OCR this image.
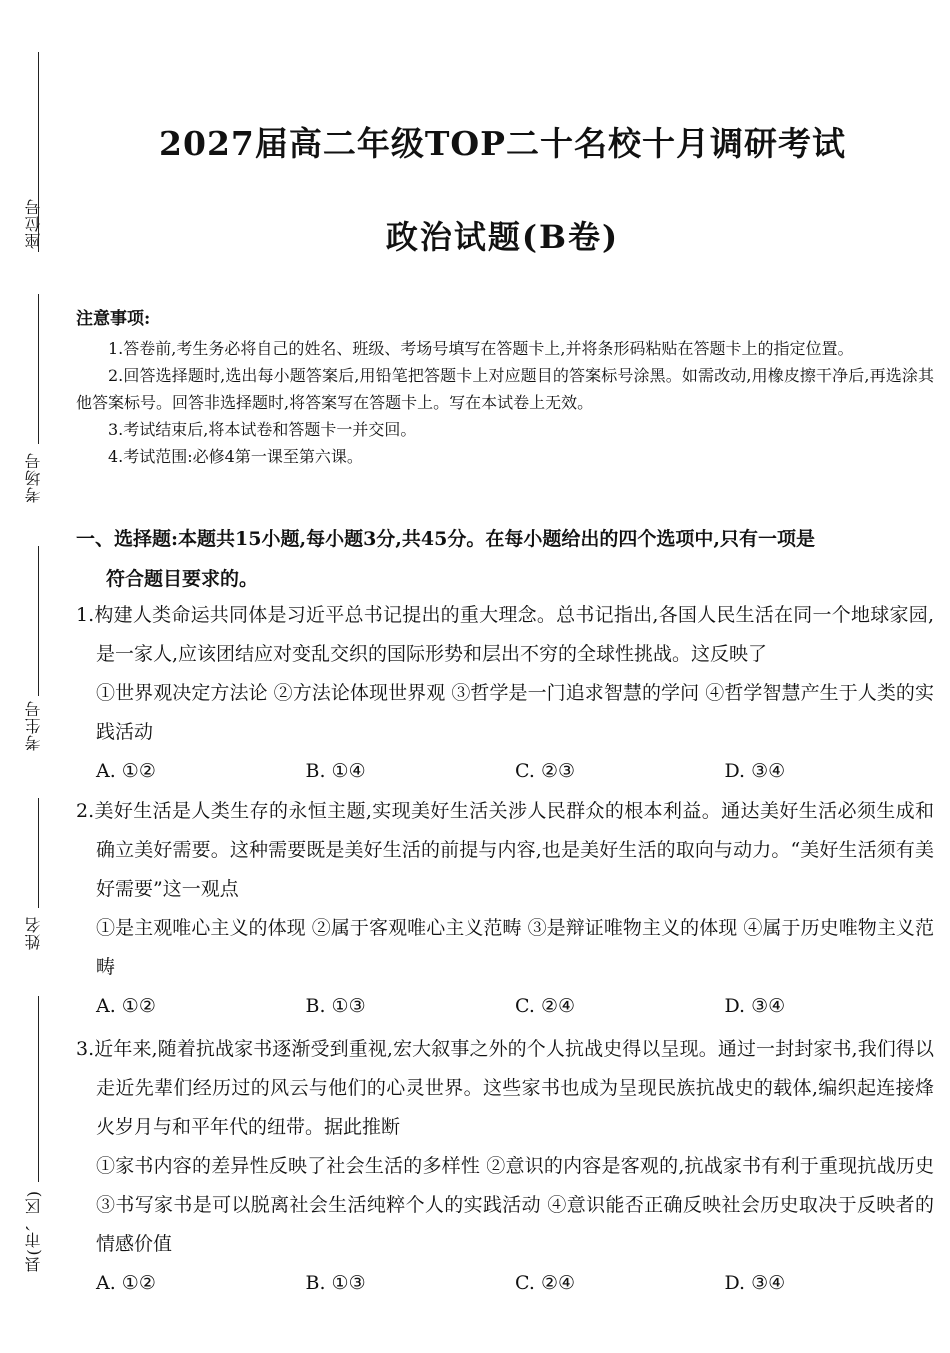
座位号
考场号
考生号
姓名
县(市、区)
2027届高二年级TOP二十名校十月调研考试
政治试题(B卷)
注意事项:
1.答卷前,考生务必将自己的姓名、班级、考场号填写在答题卡上,并将条形码粘贴在答题卡上的指定位置。
2.回答选择题时,选出每小题答案后,用铅笔把答题卡上对应题目的答案标号涂黑。如需改动,用橡皮擦干净后,再选涂其他答案标号。回答非选择题时,将答案写在答题卡上。写在本试卷上无效。
3.考试结束后,将本试卷和答题卡一并交回。
4.考试范围:必修4第一课至第六课。
一、选择题:本题共15小题,每小题3分,共45分。在每小题给出的四个选项中,只有一项是
符合题目要求的。
1.构建人类命运共同体是习近平总书记提出的重大理念。总书记指出,各国人民生活在同一个地球家园,是一家人,应该团结应对变乱交织的国际形势和层出不穷的全球性挑战。这反映了
①世界观决定方法论 ②方法论体现世界观 ③哲学是一门追求智慧的学问 ④哲学智慧产生于人类的实践活动
A. ①②	B. ①④	C. ②③	D. ③④
2.美好生活是人类生存的永恒主题,实现美好生活关涉人民群众的根本利益。通达美好生活必须生成和确立美好需要。这种需要既是美好生活的前提与内容,也是美好生活的取向与动力。“美好生活须有美好需要”这一观点
①是主观唯心主义的体现 ②属于客观唯心主义范畴 ③是辩证唯物主义的体现 ④属于历史唯物主义范畴
A. ①②	B. ①③	C. ②④	D. ③④
3.近年来,随着抗战家书逐渐受到重视,宏大叙事之外的个人抗战史得以呈现。通过一封封家书,我们得以走近先辈们经历过的风云与他们的心灵世界。这些家书也成为呈现民族抗战史的载体,编织起连接烽火岁月与和平年代的纽带。据此推断
①家书内容的差异性反映了社会生活的多样性 ②意识的内容是客观的,抗战家书有利于重现抗战历史 ③书写家书是可以脱离社会生活纯粹个人的实践活动 ④意识能否正确反映社会历史取决于反映者的情感价值
A. ①②	B. ①③	C. ②④	D. ③④
